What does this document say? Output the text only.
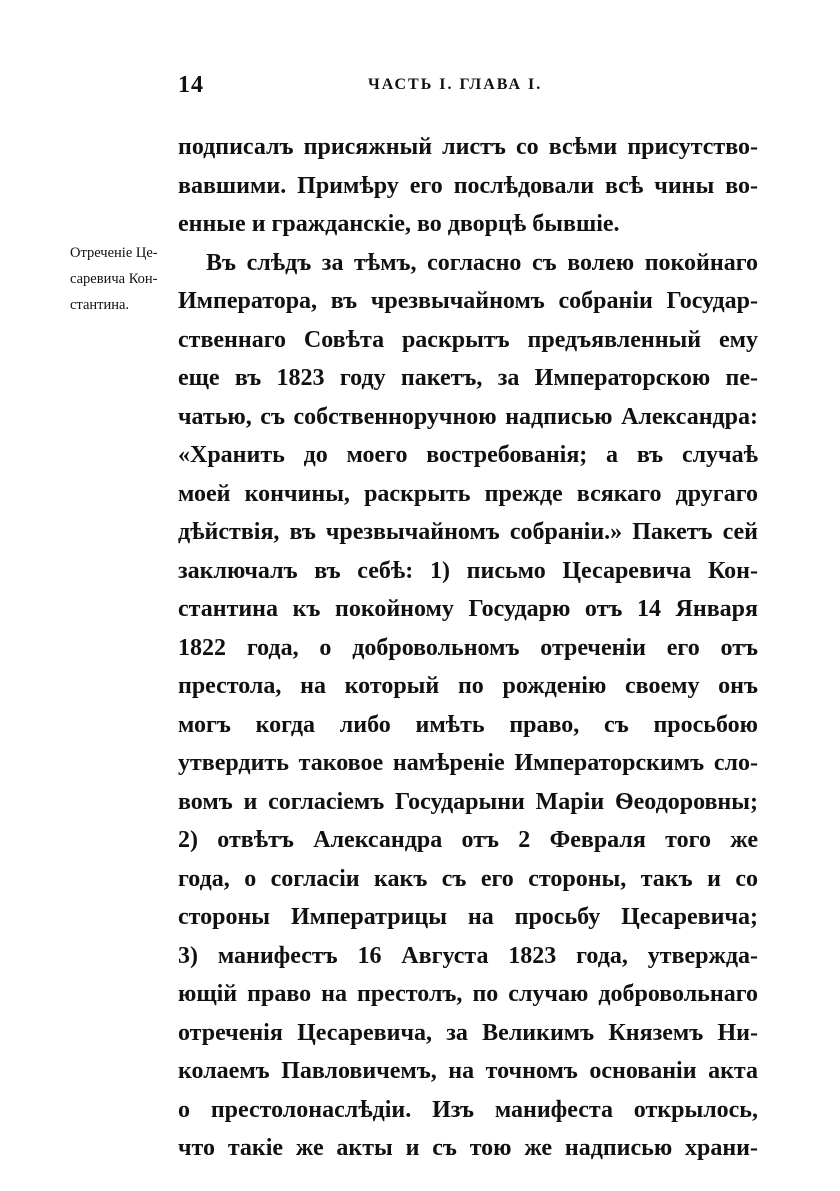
14	ЧАСТЬ I. ГЛАВА I.
Отреченіе Це-
саревича Кон-
стантина.
подписалъ присяжный листъ со всѣми присутство-
вавшими. Примѣру его послѣдовали всѣ чины во-
енные и гражданскіе, во дворцѣ бывшіе.
Въ слѣдъ за тѣмъ, согласно съ волею покойнаго
Императора, въ чрезвычайномъ собраніи Государ-
ственнаго Совѣта раскрытъ предъявленный ему
еще въ 1823 году пакетъ, за Императорскою пе-
чатью, съ собственноручною надписью Александра:
«Хранить до моего востребованія; а въ случаѣ
моей кончины, раскрыть прежде всякаго другаго
дѣйствія, въ чрезвычайномъ собраніи.» Пакетъ сей
заключалъ въ себѣ: 1) письмо Цесаревича Кон-
стантина къ покойному Государю отъ 14 Января
1822 года, о добровольномъ отреченіи его отъ
престола, на который по рожденію своему онъ
могъ когда либо имѣть право, съ просьбою
утвердить таковое намѣреніе Императорскимъ сло-
вомъ и согласіемъ Государыни Маріи Ѳеодоровны;
2) отвѣтъ Александра отъ 2 Февраля того же
года, о согласіи какъ съ его стороны, такъ и со
стороны Императрицы на просьбу Цесаревича;
3) манифестъ 16 Августа 1823 года, утвержда-
ющій право на престолъ, по случаю добровольнаго
отреченія Цесаревича, за Великимъ Княземъ Ни-
колаемъ Павловичемъ, на точномъ основаніи акта
о престолонаслѣдіи. Изъ манифеста открылось,
что такіе же акты и съ тою же надписью храни-
